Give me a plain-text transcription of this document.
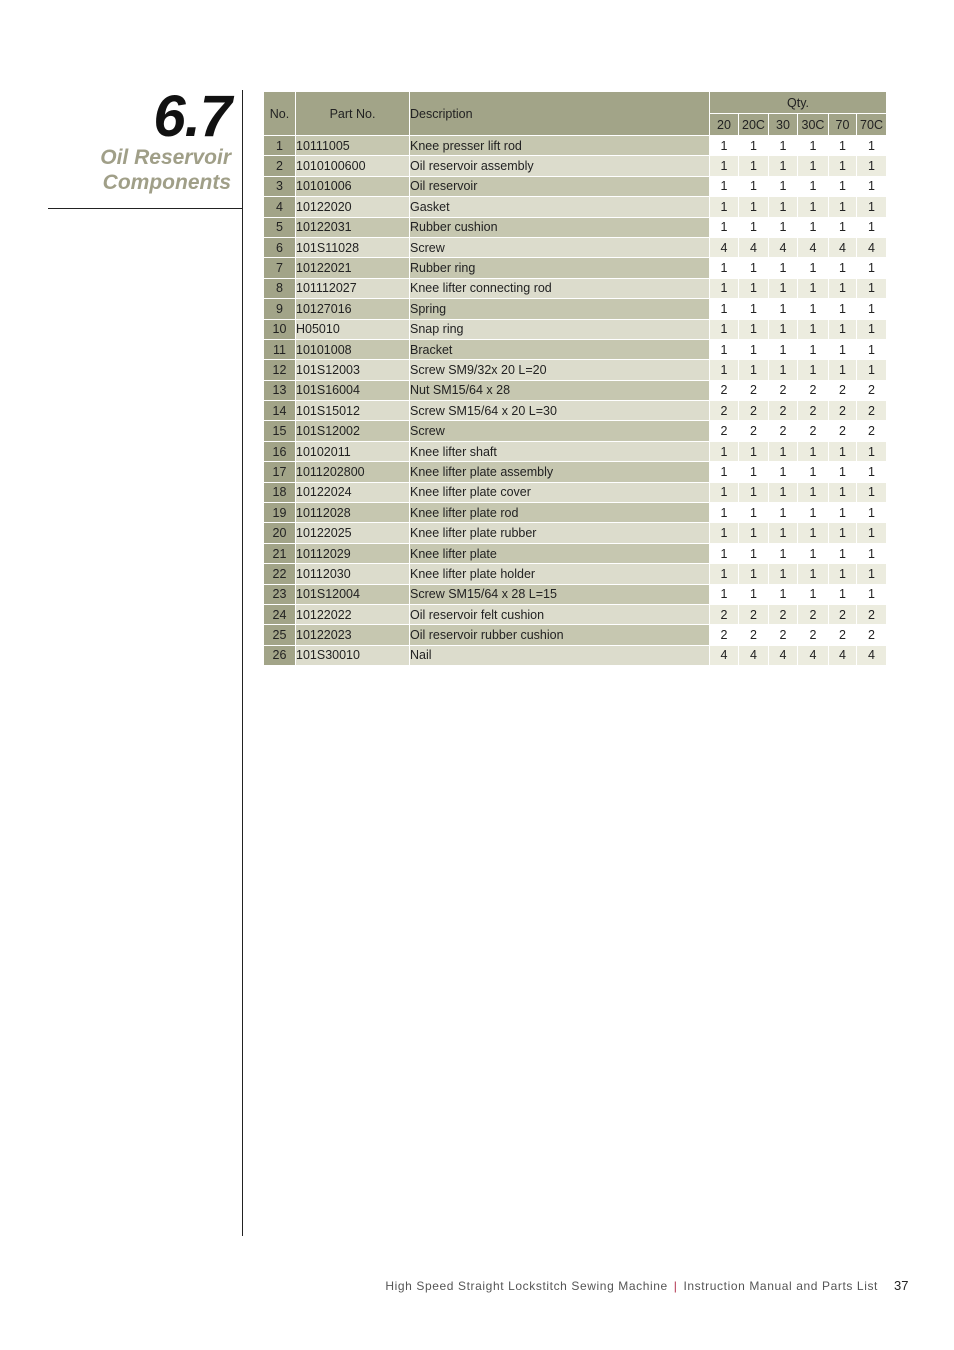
6.7
Oil Reservoir
Components
No.	Part No.	Description	Qty.					
			20	20C	30	30C	70	70C
1	10111005	Knee presser lift rod	1	1	1	1	1	1
2	1010100600	Oil reservoir assembly	1	1	1	1	1	1
3	10101006	Oil reservoir	1	1	1	1	1	1
4	10122020	Gasket	1	1	1	1	1	1
5	10122031	Rubber cushion	1	1	1	1	1	1
6	101S11028	Screw	4	4	4	4	4	4
7	10122021	Rubber ring	1	1	1	1	1	1
8	101112027	Knee lifter connecting rod	1	1	1	1	1	1
9	10127016	Spring	1	1	1	1	1	1
10	H05010	Snap ring	1	1	1	1	1	1
11	10101008	Bracket	1	1	1	1	1	1
12	101S12003	Screw SM9/32x 20 L=20	1	1	1	1	1	1
13	101S16004	Nut SM15/64 x 28	2	2	2	2	2	2
14	101S15012	Screw SM15/64 x 20 L=30	2	2	2	2	2	2
15	101S12002	Screw	2	2	2	2	2	2
16	10102011	Knee lifter shaft	1	1	1	1	1	1
17	1011202800	Knee lifter plate assembly	1	1	1	1	1	1
18	10122024	Knee lifter plate cover	1	1	1	1	1	1
19	10112028	Knee lifter plate rod	1	1	1	1	1	1
20	10122025	Knee lifter plate rubber	1	1	1	1	1	1
21	10112029	Knee lifter plate	1	1	1	1	1	1
22	10112030	Knee lifter plate holder	1	1	1	1	1	1
23	101S12004	Screw SM15/64 x 28 L=15	1	1	1	1	1	1
24	10122022	Oil reservoir felt cushion	2	2	2	2	2	2
25	10122023	Oil reservoir rubber cushion	2	2	2	2	2	2
26	101S30010	Nail	4	4	4	4	4	4
High Speed Straight Lockstitch Sewing Machine | Instruction Manual and Parts List 37
